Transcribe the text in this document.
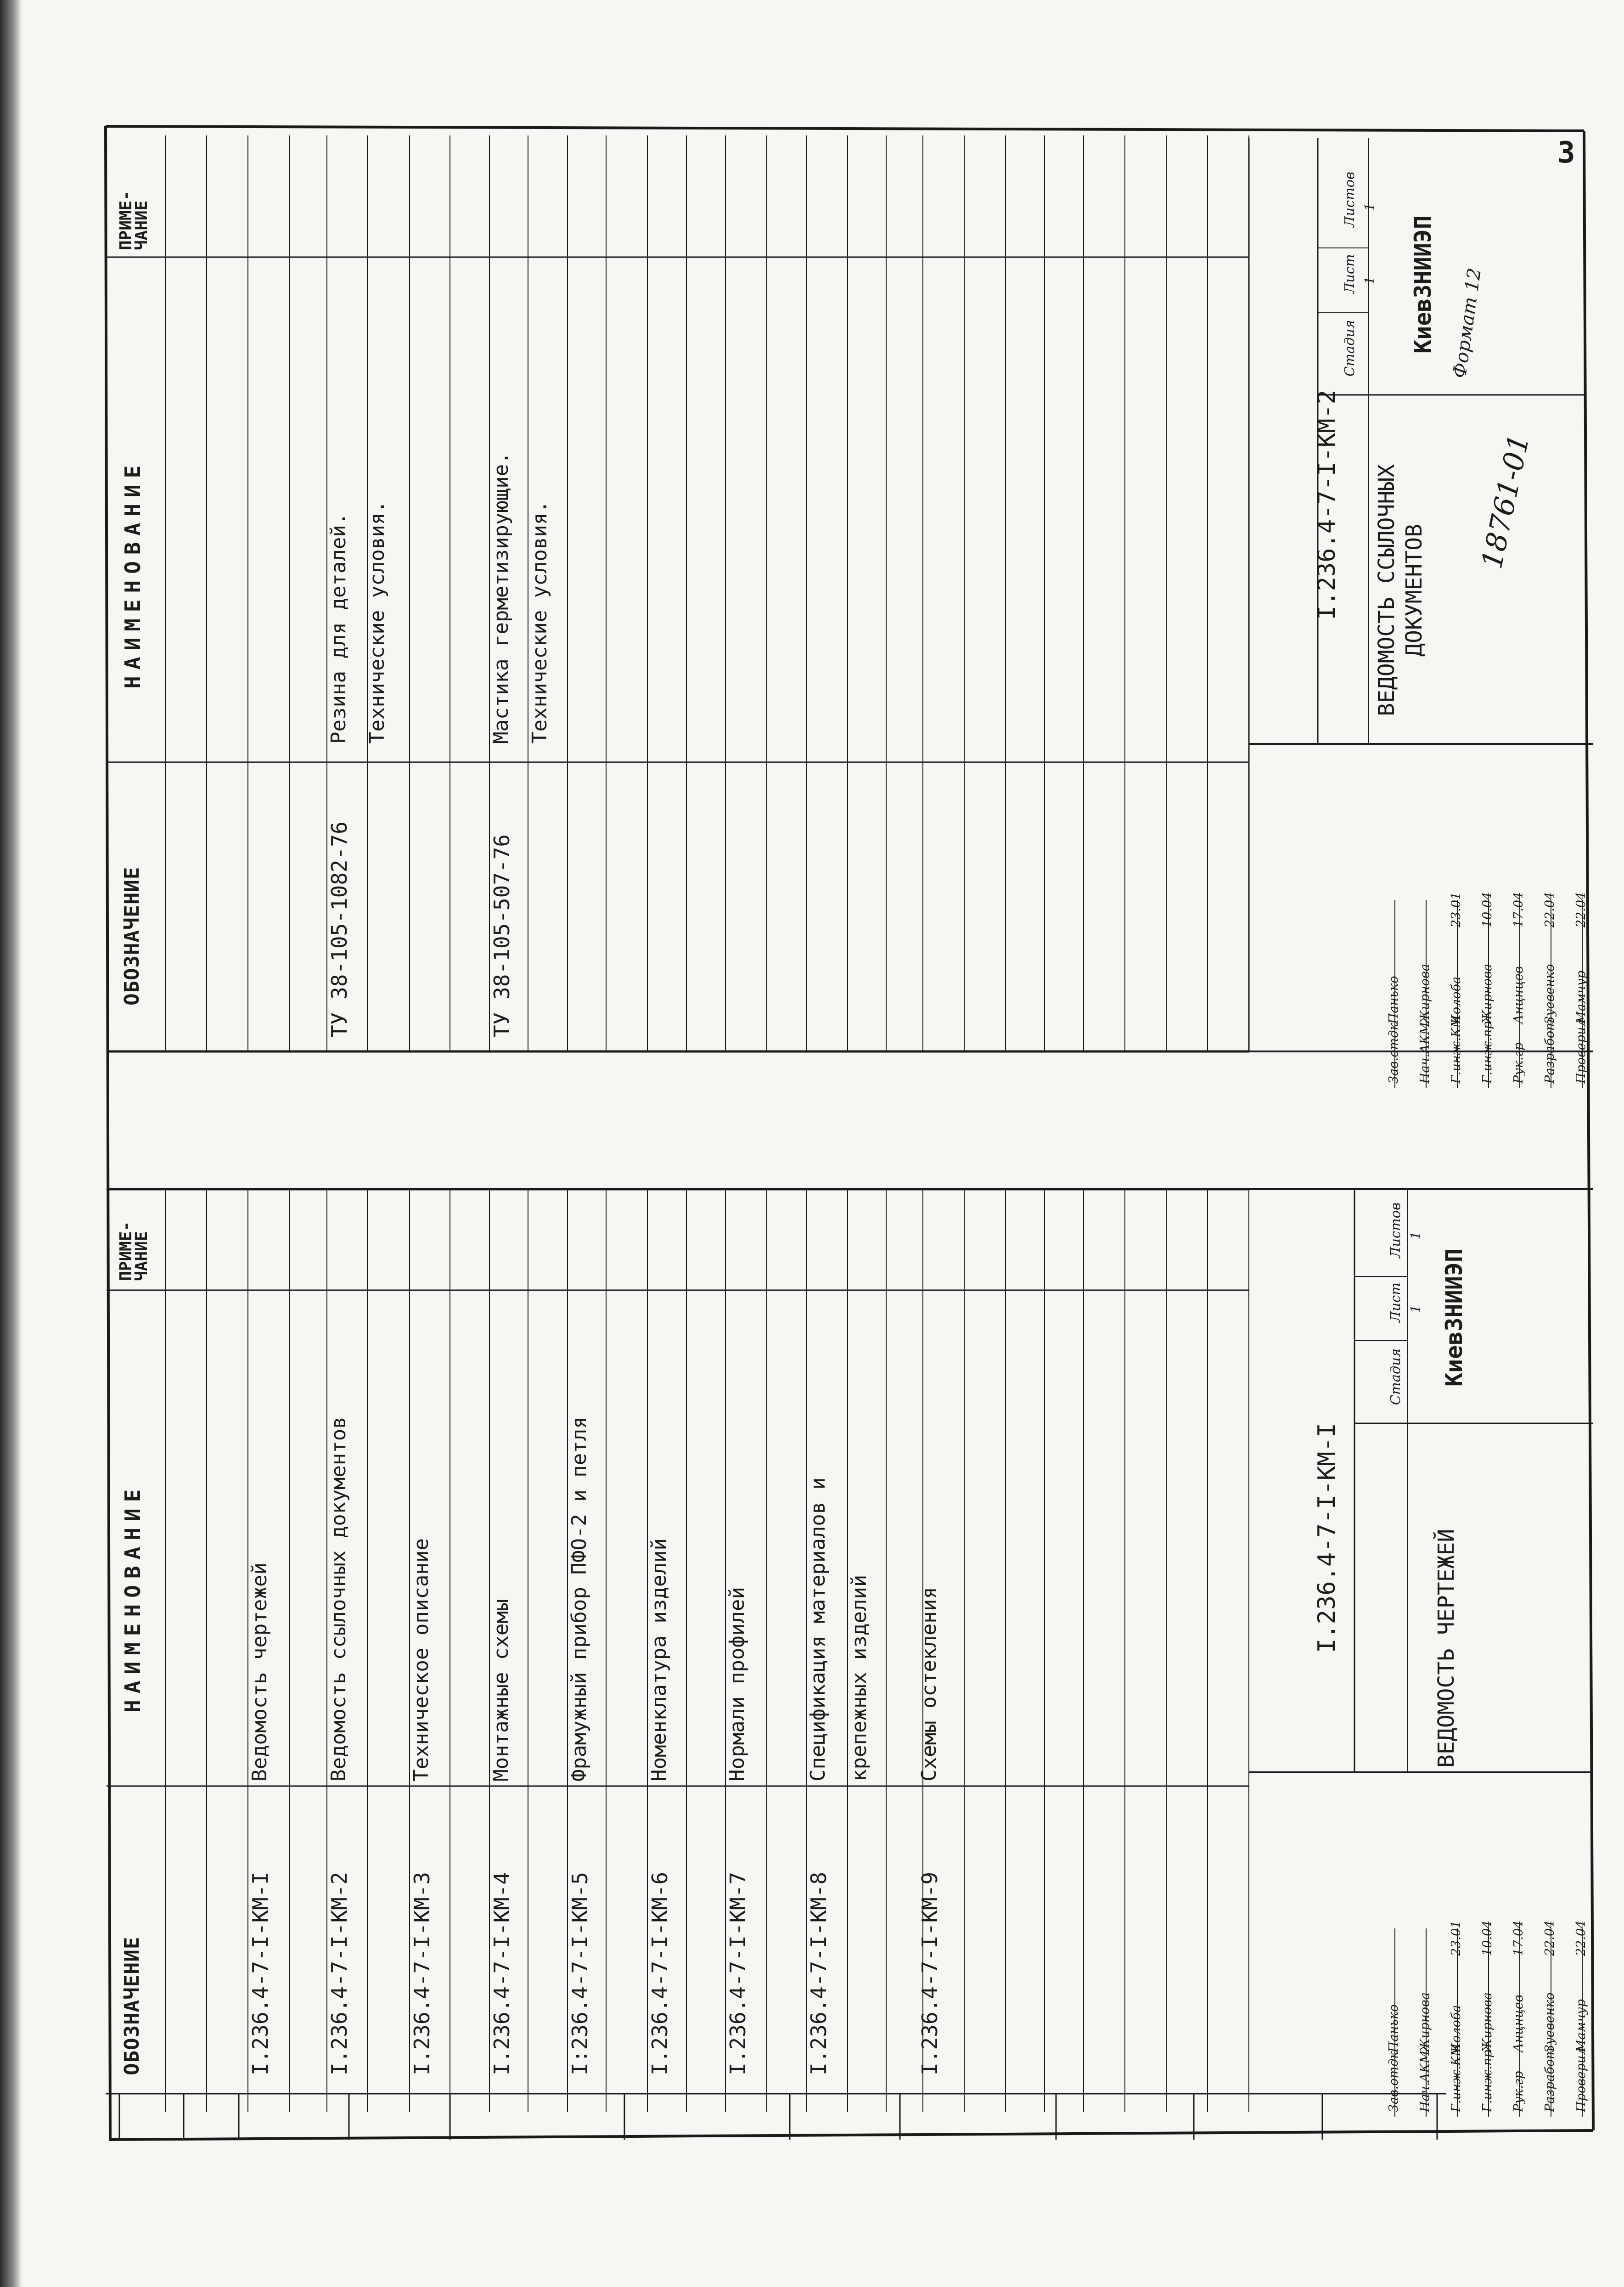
3
ОБОЗНАЧЕНИЕ
НАИМЕНОВАНИЕ
ПРИМЕ-
ЧАНИЕ
I.236.4-7-I-КМ-I
Ведомость чертежей
I.236.4-7-I-КМ-2
Ведомость ссылочных документов
I.236.4-7-I-КМ-3
Техническое описание
I.236.4-7-I-КМ-4
Монтажные схемы
I:236.4-7-I-КМ-5
Фрамужный прибор ПФО-2 и петля
I.236.4-7-I-КМ-6
Номенклатура изделий
I.236.4-7-I-КМ-7
Нормали профилей
I.236.4-7-I-КМ-8
Спецификация материалов и крепежных изделий
I.236.4-7-I-КМ-9
Схемы остекления
I.236.4-7-I-КМ-I	ВЕДОМОСТЬ ЧЕРТЕЖЕЙ
Стадия
Лист
Листов
1
1
КиевЗНИИЭП
Зав.отдк
Панько
Нач.АКМ
Жирнова
Г.инж.КМ
Колоба
23.01
Г.инж.пр
Жирнова
10.04
Рук.гр
Анцнцев
17.04
Разработ
Зуевенко
22.04
Проверил
Мамчур
22.04
ОБОЗНАЧЕНИЕ
НАИМЕНОВАНИЕ
ПРИМЕ-
ЧАНИЕ
ТУ 38-105-1082-76
Резина для деталей. Технические условия.
ТУ 38-105-507-76
Мастика герметизирующие. Технические условия.	I.236.4-7-I-КМ-2 ВЕДОМОСТЬ ССЫЛОЧНЫХ ДОКУМЕНТОВ
Стадия
Лист
Листов
1
1
КиевЗНИИЭП
Зав.отдк
Панько
Нач.АКМ
Жирнова
Г.инж.КМ
Колоба
23.01
Г.инж.пр
Жирнова
10.04
Рук.гр
Анцнцев
17.04
Разработ
Зуевенко
22.04
Проверил
Мамчур
22.04
18761-01
Формат 12
